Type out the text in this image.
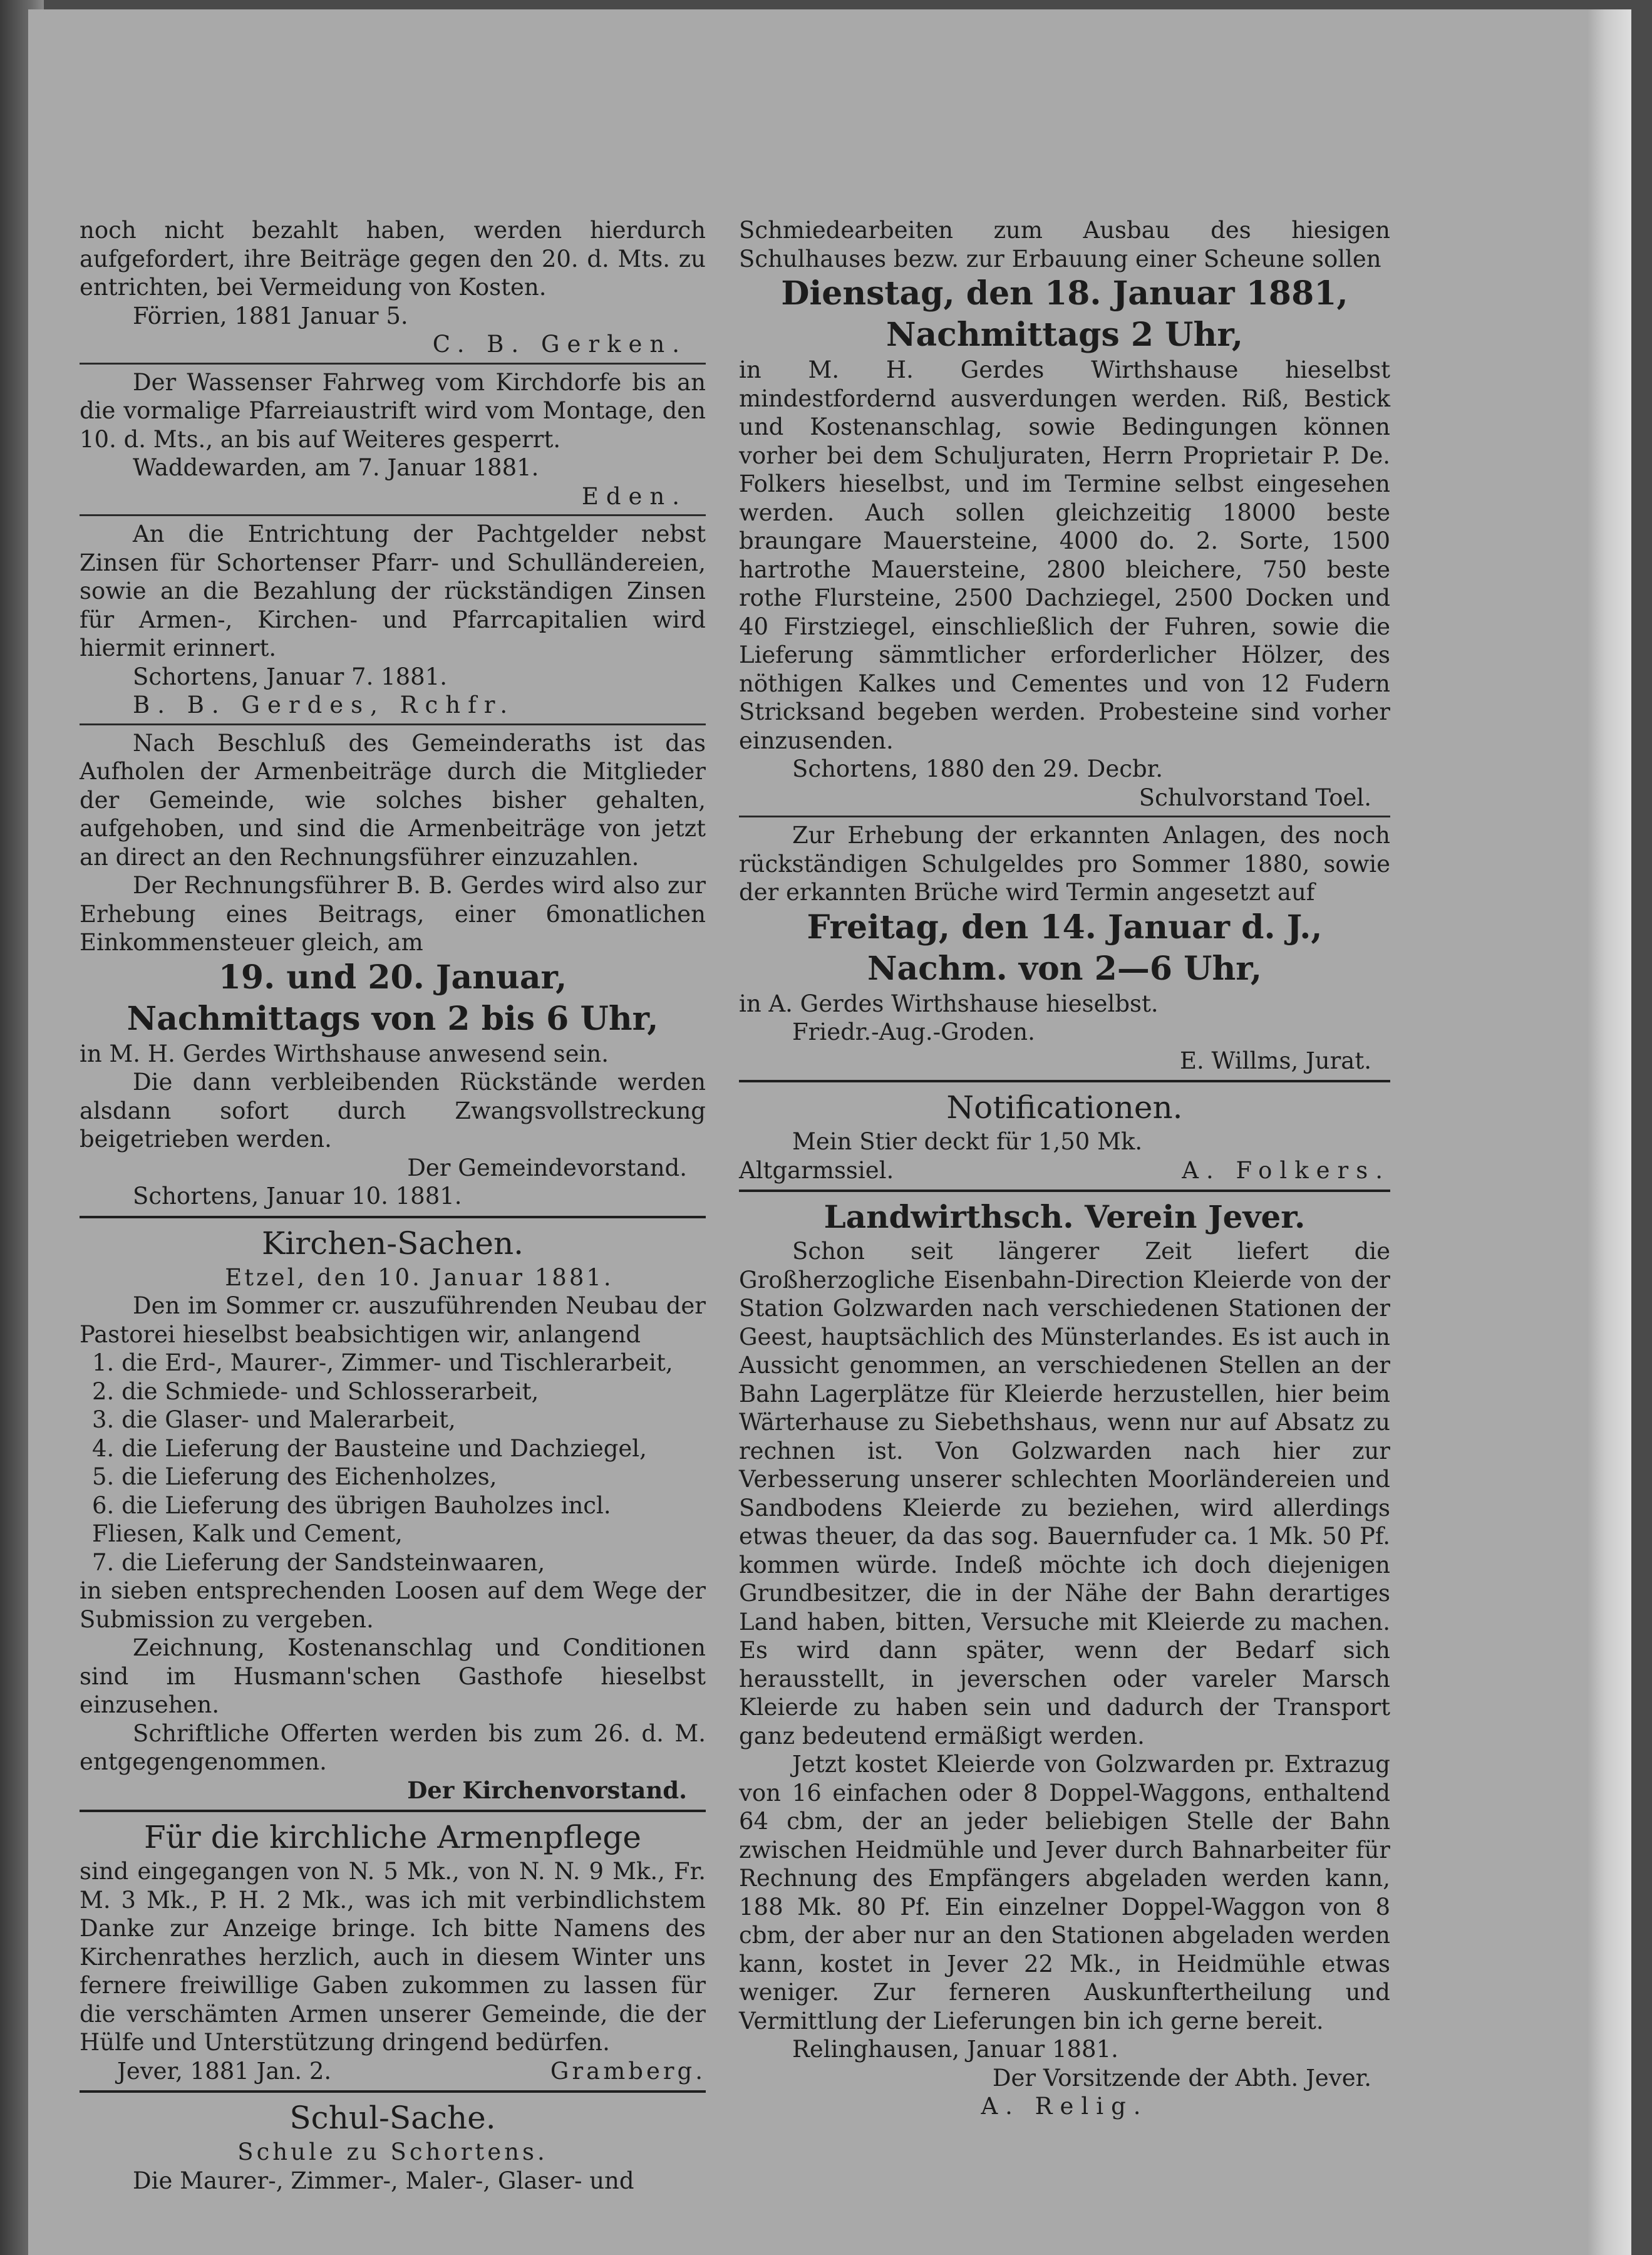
noch nicht bezahlt haben, werden hierdurch aufgefordert, ihre Beiträge gegen den 20. d. Mts. zu entrichten, bei Vermeidung von Kosten.

Förrien, 1881 Januar 5.

C. B. Gerken.

Der Wassenser Fahrweg vom Kirchdorfe bis an die vormalige Pfarreiaustrift wird vom Montage, den 10. d. Mts., an bis auf Weiteres gesperrt.

Waddewarden, am 7. Januar 1881.

Eden.

An die Entrichtung der Pachtgelder nebst Zinsen für Schortenser Pfarr- und Schulländereien, sowie an die Bezahlung der rückständigen Zinsen für Armen-, Kirchen- und Pfarrcapitalien wird hiermit erinnert.

Schortens, Januar 7. 1881.

B. B. Gerdes, Rchfr.

Nach Beschluß des Gemeinderaths ist das Aufholen der Armenbeiträge durch die Mitglieder der Gemeinde, wie solches bisher gehalten, aufgehoben, und sind die Armenbeiträge von jetzt an direct an den Rechnungsführer einzuzahlen.

Der Rechnungsführer B. B. Gerdes wird also zur Erhebung eines Beitrags, einer 6monatlichen Einkommensteuer gleich, am

19. und 20. Januar,
Nachmittags von 2 bis 6 Uhr,

in M. H. Gerdes Wirthshause anwesend sein.

Die dann verbleibenden Rückstände werden alsdann sofort durch Zwangsvollstreckung beigetrieben werden.

Der Gemeindevorstand.

Schortens, Januar 10. 1881.

Kirchen-Sachen.

Etzel, den 10. Januar 1881.

Den im Sommer cr. auszuführenden Neubau der Pastorei hieselbst beabsichtigen wir, anlangend

1. die Erd-, Maurer-, Zimmer- und Tischlerarbeit,
2. die Schmiede- und Schlosserarbeit,
3. die Glaser- und Malerarbeit,
4. die Lieferung der Bausteine und Dachziegel,
5. die Lieferung des Eichenholzes,
6. die Lieferung des übrigen Bauholzes incl. Fliesen, Kalk und Cement,
7. die Lieferung der Sandsteinwaaren,

in sieben entsprechenden Loosen auf dem Wege der Submission zu vergeben.

Zeichnung, Kostenanschlag und Conditionen sind im Husmann'schen Gasthofe hieselbst einzusehen.

Schriftliche Offerten werden bis zum 26. d. M. entgegengenommen.

Der Kirchenvorstand.

Für die kirchliche Armenpflege

sind eingegangen von N. 5 Mk., von N. N. 9 Mk., Fr. M. 3 Mk., P. H. 2 Mk., was ich mit verbindlichstem Danke zur Anzeige bringe. Ich bitte Namens des Kirchenrathes herzlich, auch in diesem Winter uns fernere freiwillige Gaben zukommen zu lassen für die verschämten Armen unserer Gemeinde, die der Hülfe und Unterstützung dringend bedürfen.

Jever, 1881 Jan. 2.	Gramberg.
Schul-Sache.

Schule zu Schortens.

Die Maurer-, Zimmer-, Maler-, Glaser- und

Schmiedearbeiten zum Ausbau des hiesigen Schulhauses bezw. zur Erbauung einer Scheune sollen

Dienstag, den 18. Januar 1881,
Nachmittags 2 Uhr,

in M. H. Gerdes Wirthshause hieselbst mindestfordernd ausverdungen werden. Riß, Bestick und Kostenanschlag, sowie Bedingungen können vorher bei dem Schuljuraten, Herrn Proprietair P. De. Folkers hieselbst, und im Termine selbst eingesehen werden. Auch sollen gleichzeitig 18000 beste braungare Mauersteine, 4000 do. 2. Sorte, 1500 hartrothe Mauersteine, 2800 bleichere, 750 beste rothe Flursteine, 2500 Dachziegel, 2500 Docken und 40 Firstziegel, einschließlich der Fuhren, sowie die Lieferung sämmtlicher erforderlicher Hölzer, des nöthigen Kalkes und Cementes und von 12 Fudern Stricksand begeben werden. Probesteine sind vorher einzusenden.

Schortens, 1880 den 29. Decbr.

Schulvorstand Toel.

Zur Erhebung der erkannten Anlagen, des noch rückständigen Schulgeldes pro Sommer 1880, sowie der erkannten Brüche wird Termin angesetzt auf

Freitag, den 14. Januar d. J.,
Nachm. von 2—6 Uhr,

in A. Gerdes Wirthshause hieselbst.

Friedr.-Aug.-Groden.

E. Willms, Jurat.

Notificationen.

Mein Stier deckt für 1,50 Mk.

Altgarmssiel.	A. Folkers.
Landwirthsch. Verein Jever.

Schon seit längerer Zeit liefert die Großherzogliche Eisenbahn-Direction Kleierde von der Station Golzwarden nach verschiedenen Stationen der Geest, hauptsächlich des Münsterlandes. Es ist auch in Aussicht genommen, an verschiedenen Stellen an der Bahn Lagerplätze für Kleierde herzustellen, hier beim Wärterhause zu Siebethshaus, wenn nur auf Absatz zu rechnen ist. Von Golzwarden nach hier zur Verbesserung unserer schlechten Moorländereien und Sandbodens Kleierde zu beziehen, wird allerdings etwas theuer, da das sog. Bauernfuder ca. 1 Mk. 50 Pf. kommen würde. Indeß möchte ich doch diejenigen Grundbesitzer, die in der Nähe der Bahn derartiges Land haben, bitten, Versuche mit Kleierde zu machen. Es wird dann später, wenn der Bedarf sich herausstellt, in jeverschen oder vareler Marsch Kleierde zu haben sein und dadurch der Transport ganz bedeutend ermäßigt werden.

Jetzt kostet Kleierde von Golzwarden pr. Extrazug von 16 einfachen oder 8 Doppel-Waggons, enthaltend 64 cbm, der an jeder beliebigen Stelle der Bahn zwischen Heidmühle und Jever durch Bahnarbeiter für Rechnung des Empfängers abgeladen werden kann, 188 Mk. 80 Pf. Ein einzelner Doppel-Waggon von 8 cbm, der aber nur an den Stationen abgeladen werden kann, kostet in Jever 22 Mk., in Heidmühle etwas weniger. Zur ferneren Auskunftertheilung und Vermittlung der Lieferungen bin ich gerne bereit.

Relinghausen, Januar 1881.

Der Vorsitzende der Abth. Jever.

A. Relig.
